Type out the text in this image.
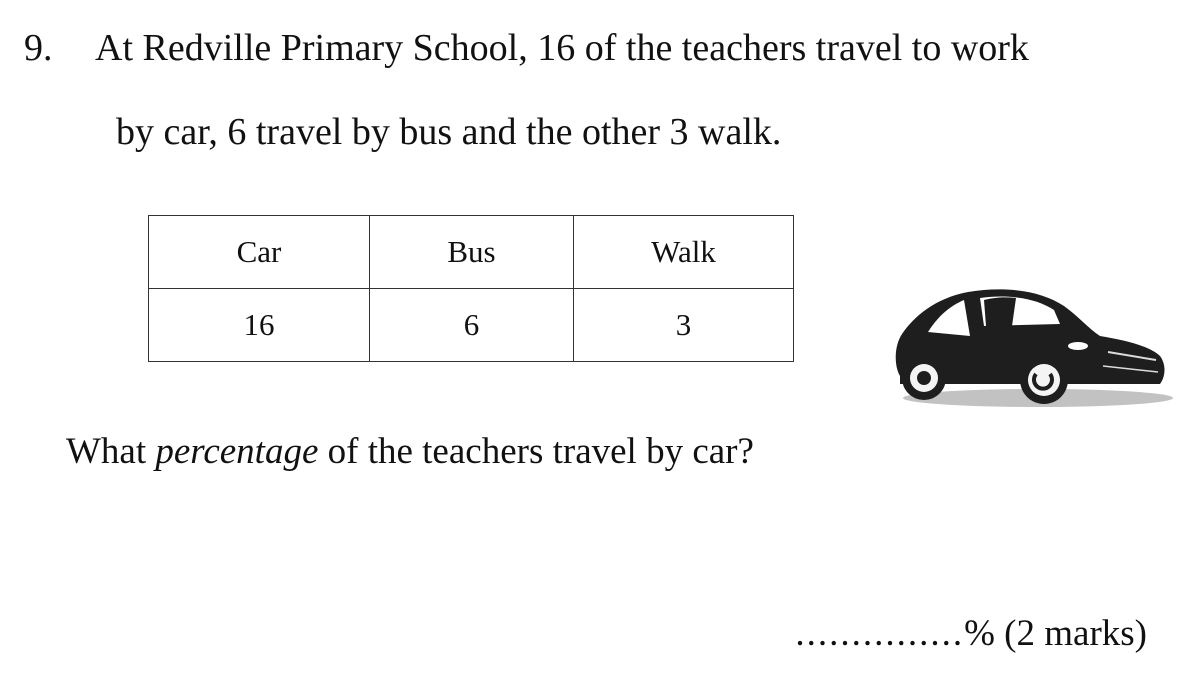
9. At Redville Primary School, 16 of the teachers travel to work
by car, 6 travel by bus and the other 3 walk.
Car	Bus	Walk
16	6	3
What percentage of the teachers travel by car?
...............% (2 marks)
